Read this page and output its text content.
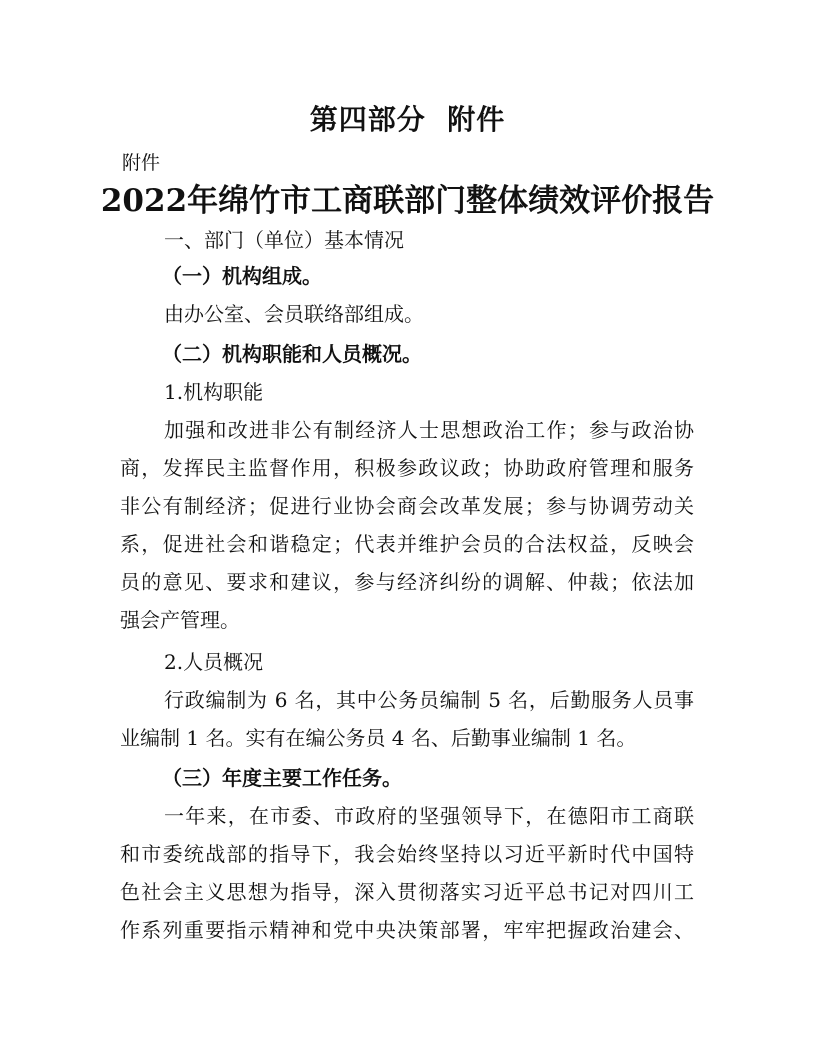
第四部分  附件
附件
2022年绵竹市工商联部门整体绩效评价报告
一、部门（单位）基本情况
（一）机构组成。
由办公室、会员联络部组成。
（二）机构职能和人员概况。
1.机构职能
加强和改进非公有制经济人士思想政治工作；参与政治协
商，发挥民主监督作用，积极参政议政；协助政府管理和服务
非公有制经济；促进行业协会商会改革发展；参与协调劳动关
系，促进社会和谐稳定；代表并维护会员的合法权益，反映会
员的意见、要求和建议，参与经济纠纷的调解、仲裁；依法加
强会产管理。
2.人员概况
行政编制为 6 名，其中公务员编制 5 名，后勤服务人员事
业编制 1 名。实有在编公务员 4 名、后勤事业编制 1 名。
（三）年度主要工作任务。
一年来，在市委、市政府的坚强领导下，在德阳市工商联
和市委统战部的指导下，我会始终坚持以习近平新时代中国特
色社会主义思想为指导，深入贯彻落实习近平总书记对四川工
作系列重要指示精神和党中央决策部署，牢牢把握政治建会、
